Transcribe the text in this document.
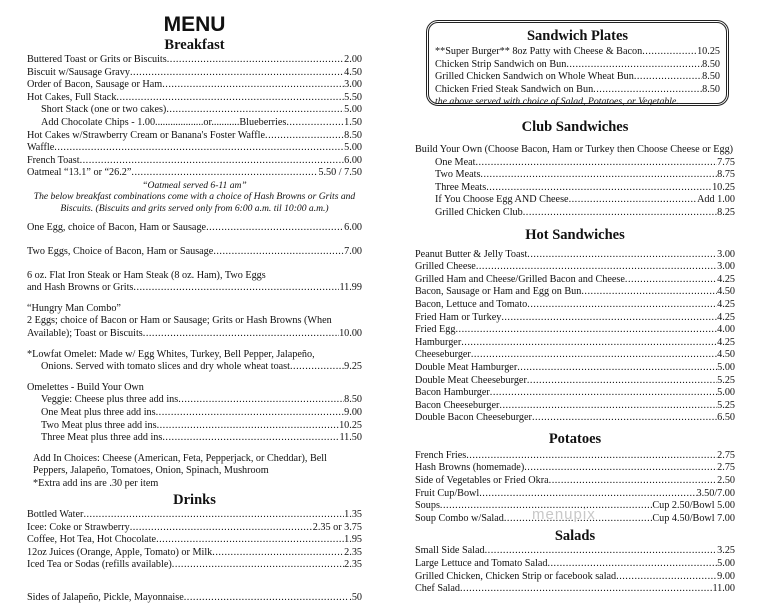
MENU
Breakfast
Buttered Toast or Grits or Biscuits .....	2.00
Biscuit w/Sausage Gravy .....	4.50
Order of Bacon, Sausage or Ham .....	3.00
Hot Cakes, Full Stack .....	5.50
Short Stack (one or two cakes) .....	5.00
Add Chocolate Chips - 1.00...................or...........Blueberries .....	1.50
Hot Cakes w/Strawberry Cream or Banana's Foster Waffle .....	8.50
Waffle .....	5.00
French Toast .....	6.00
Oatmeal “13.1” or “26.2” .....	5.50 / 7.50
“Oatmeal served 6-11 am”
The below breakfast combinations come with a choice of Hash Browns or Grits and Biscuits. (Biscuits and grits served only from 6:00 a.m. til 10:00 a.m.)
One Egg, choice of Bacon, Ham or Sausage .....	6.00
Two Eggs, Choice of Bacon, Ham or Sausage .....	7.00
6 oz. Flat Iron Steak or Ham Steak (8 oz. Ham), Two Eggs
and Hash Browns or Grits .....	11.99
“Hungry Man Combo”
2 Eggs; choice of Bacon or Ham or Sausage; Grits or Hash Browns (When
Available); Toast or Biscuits .....	10.00
*Lowfat Omelet: Made w/ Egg Whites, Turkey, Bell Pepper, Jalapeño,
Onions. Served with tomato slices and dry whole wheat toast .....	9.25
Omelettes - Build Your Own
Veggie: Cheese plus three add ins .....	8.50
One Meat plus three add ins .....	9.00
Two Meat plus three add ins .....	10.25
Three Meat plus three add ins .....	11.50
Add In Choices: Cheese (American, Feta, Pepperjack, or Cheddar), Bell
Peppers, Jalapeño, Tomatoes, Onion, Spinach, Mushroom
*Extra add ins are .30 per item
Drinks
Bottled Water .....	1.35
Icee: Coke or Strawberry .....	2.35 or 3.75
Coffee, Hot Tea, Hot Chocolate .....	1.95
12oz Juices (Orange, Apple, Tomato) or Milk .....	2.35
Iced Tea or Sodas (refills available) .....	2.35
Sides of Jalapeño, Pickle, Mayonnaise .....	.50
Sandwich Plates
**Super Burger** 8oz Patty with Cheese & Bacon .....	10.25
Chicken Strip Sandwich on Bun .....	8.50
Grilled Chicken Sandwich on Whole Wheat Bun .....	8.50
Chicken Fried Steak Sandwich on Bun .....	8.50
the above served with choice of Salad, Potatoes, or Vegetable.
Club Sandwiches
Build Your Own (Choose Bacon, Ham or Turkey then Choose Cheese or Egg)
One Meat .....	7.75
Two Meats .....	8.75
Three Meats .....	10.25
If You Choose Egg AND Cheese .....	Add 1.00
Grilled Chicken Club .....	8.25
Hot Sandwiches
Peanut Butter & Jelly Toast .....	3.00
Grilled Cheese .....	3.00
Grilled Ham and Cheese/Grilled Bacon and Cheese .....	4.25
Bacon, Sausage or Ham and Egg on Bun .....	4.50
Bacon, Lettuce and Tomato .....	4.25
Fried Ham or Turkey .....	4.25
Fried Egg .....	4.00
Hamburger .....	4.25
Cheeseburger .....	4.50
Double Meat Hamburger .....	5.00
Double Meat Cheeseburger .....	5.25
Bacon Hamburger .....	5.00
Bacon Cheeseburger .....	5.25
Double Bacon Cheeseburger .....	6.50
Potatoes
French Fries .....	2.75
Hash Browns (homemade) .....	2.75
Side of Vegetables or Fried Okra .....	2.50
Fruit Cup/Bowl .....	3.50/7.00
Soups .....	Cup 2.50/Bowl 5.00
Soup Combo w/Salad .....	Cup 4.50/Bowl 7.00
Salads
Small Side Salad .....	3.25
Large Lettuce and Tomato Salad .....	5.00
Grilled Chicken, Chicken Strip or facebook salad .....	9.00
Chef Salad .....	11.00
menupix
